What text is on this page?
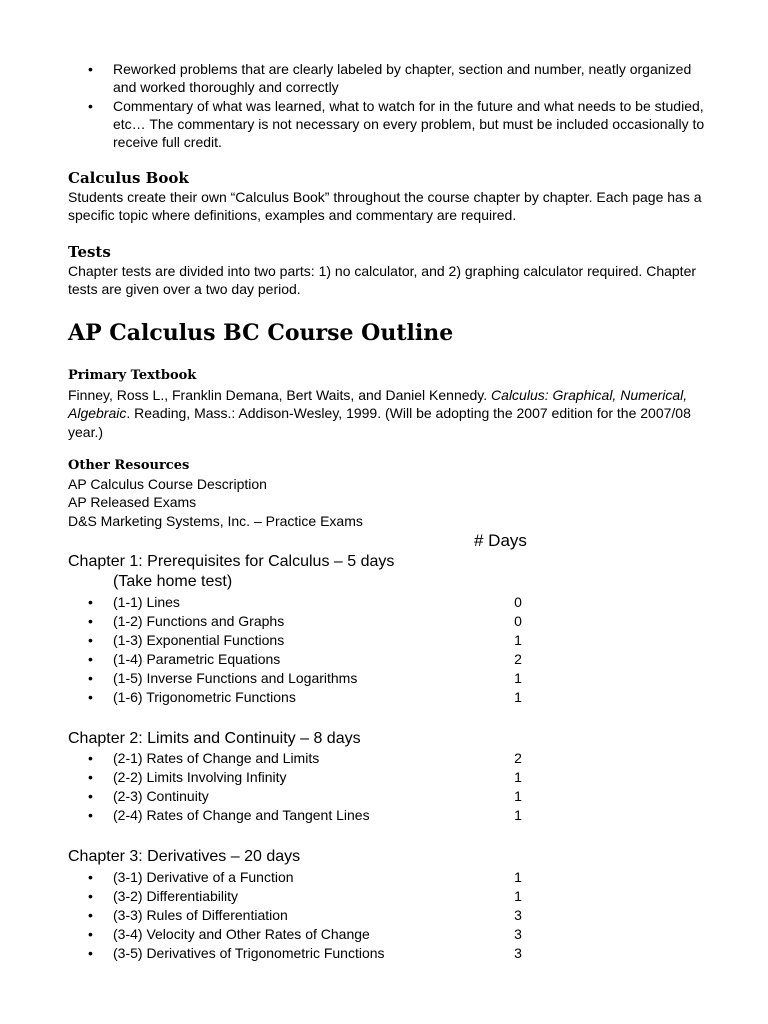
• Reworked problems that are clearly labeled by chapter, section and number, neatly organized and worked thoroughly and correctly
• Commentary of what was learned, what to watch for in the future and what needs to be studied, etc… The commentary is not necessary on every problem, but must be included occasionally to receive full credit.
Calculus Book

Students create their own “Calculus Book” throughout the course chapter by chapter. Each page has a specific topic where definitions, examples and commentary are required.

Tests

Chapter tests are divided into two parts: 1) no calculator, and 2) graphing calculator required. Chapter tests are given over a two day period.

AP Calculus BC Course Outline
Primary Textbook

Finney, Ross L., Franklin Demana, Bert Waits, and Daniel Kennedy. Calculus: Graphical, Numerical, Algebraic. Reading, Mass.: Addison-Wesley, 1999. (Will be adopting the 2007 edition for the 2007/08 year.)

Other Resources

AP Calculus Course Description
AP Released Exams
D&S Marketing Systems, Inc. – Practice Exams

# Days
Chapter 1: Prerequisites for Calculus – 5 days
(Take home test)
• (1-1) Lines	0
• (1-2) Functions and Graphs	0
• (1-3) Exponential Functions	1
• (1-4) Parametric Equations	2
• (1-5) Inverse Functions and Logarithms	1
• (1-6) Trigonometric Functions	1
Chapter 2: Limits and Continuity – 8 days
• (2-1) Rates of Change and Limits	2
• (2-2) Limits Involving Infinity	1
• (2-3) Continuity	1
• (2-4) Rates of Change and Tangent Lines	1
Chapter 3: Derivatives – 20 days
• (3-1) Derivative of a Function	1
• (3-2) Differentiability	1
• (3-3) Rules of Differentiation	3
• (3-4) Velocity and Other Rates of Change	3
• (3-5) Derivatives of Trigonometric Functions	3
